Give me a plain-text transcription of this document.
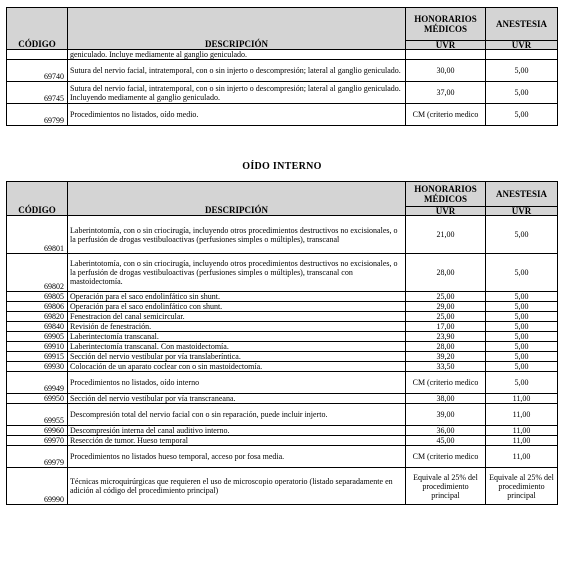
CÓDIGO	DESCRIPCIÓN	HONORARIOS MÉDICOS	ANESTESIA
		UVR	UVR
	geniculado. Incluye mediamente al ganglio geniculado.		
69740	Sutura del nervio facial, intratemporal, con o sin injerto o descompresión; lateral al ganglio geniculado.	30,00	5,00
69745	Sutura del nervio facial, intratemporal, con o sin injerto o descompresión; lateral al ganglio geniculado. Incluyendo mediamente al ganglio geniculado.	37,00	5,00
69799	Procedimientos no listados, oído medio.	CM (criterio medico	5,00
OÍDO INTERNO
CÓDIGO	DESCRIPCIÓN	HONORARIOS MÉDICOS	ANESTESIA
		UVR	UVR
69801	Laberintotomía, con o sin criocirugía, incluyendo otros procedimientos destructivos no excisionales, o la perfusión de drogas vestibuloactivas (perfusiones simples o múltiples), transcanal	21,00	5,00
69802	Laberintotomía, con o sin criocirugía, incluyendo otros procedimientos destructivos no excisionales, o la perfusión de drogas vestibuloactivas (perfusiones simples o múltiples), transcanal con mastoidectomía.	28,00	5,00
69805	Operación para el saco endolinfático sin shunt.	25,00	5,00
69806	Operación para el saco endolinfático con shunt.	29,00	5,00
69820	Fenestracion del canal semicircular.	25,00	5,00
69840	Revisión de fenestración.	17,00	5,00
69905	Laberintectomía transcanal.	23,90	5,00
69910	Laberintectomía transcanal. Con mastoidectomía.	28,00	5,00
69915	Sección del nervio vestibular por vía translaberíntica.	39,20	5,00
69930	Colocación de un aparato coclear con o sin mastoidectomía.	33,50	5,00
69949	Procedimientos no listados, oído interno	CM (criterio medico	5,00
69950	Sección del nervio vestibular por vía transcraneana.	38,00	11,00
69955	Descompresión total del nervio facial con o sin reparación, puede incluir injerto.	39,00	11,00
69960	Descompresión interna del canal auditivo interno.	36,00	11,00
69970	Resección de tumor. Hueso temporal	45,00	11,00
69979	Procedimientos no listados hueso temporal, acceso por fosa media.	CM (criterio medico	11,00
69990	Técnicas microquirúrgicas que requieren el uso de microscopio operatorio (listado separadamente en adición al código del procedimiento principal)	Equivale al 25% del procedimiento principal	Equivale al 25% del procedimiento principal
